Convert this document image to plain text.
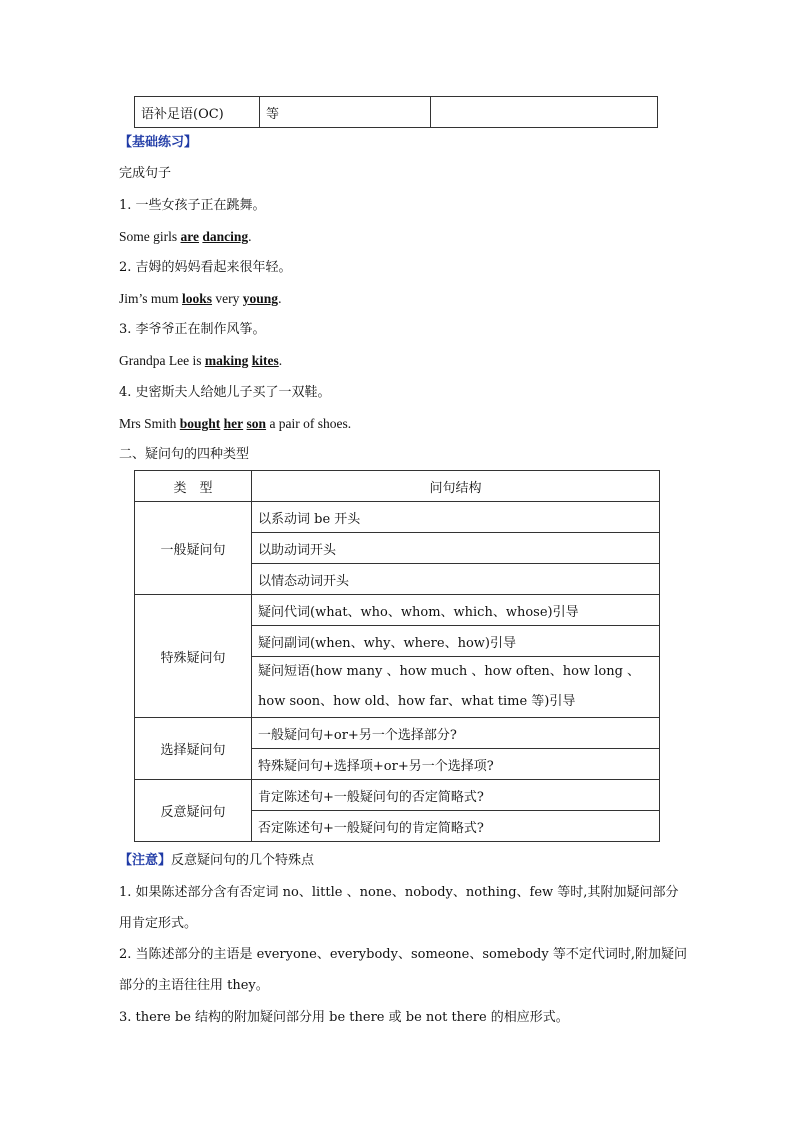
语补足语(OC)	等	
【基础练习】
完成句子
1. 一些女孩子正在跳舞。
Some girls are dancing.
2. 吉姆的妈妈看起来很年轻。
Jim’s mum looks very young.
3. 李爷爷正在制作风筝。
Grandpa Lee is making kites.
4. 史密斯夫人给她儿子买了一双鞋。
Mrs Smith bought her son a pair of shoes.
二、疑问句的四种类型
类　型	问句结构
一般疑问句	以系动词 be 开头
	以助动词开头
	以情态动词开头
特殊疑问句	疑问代词(what、who、whom、which、whose)引导
	疑问副词(when、why、where、how)引导
	疑问短语(how many 、how much 、how often、how long 、how soon、how old、how far、what time 等)引导
选择疑问句	一般疑问句+or+另一个选择部分?
	特殊疑问句+选择项+or+另一个选择项?
反意疑问句	肯定陈述句+一般疑问句的否定简略式?
	否定陈述句+一般疑问句的肯定简略式?
【注意】反意疑问句的几个特殊点
1. 如果陈述部分含有否定词 no、little 、none、nobody、nothing、few 等时,其附加疑问部分
用肯定形式。
2. 当陈述部分的主语是 everyone、everybody、someone、somebody 等不定代词时,附加疑问
部分的主语往往用 they。
3. there be 结构的附加疑问部分用 be there 或 be not there 的相应形式。
